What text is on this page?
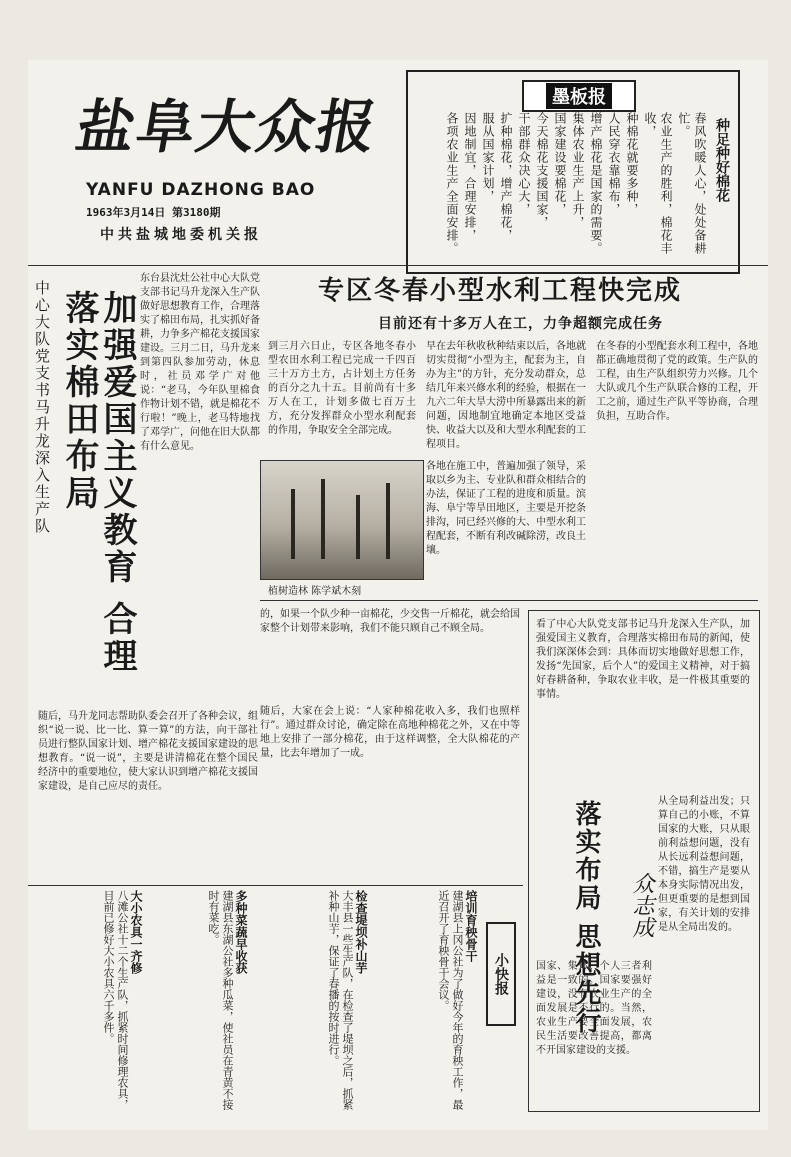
盐阜大众报
YANFU DAZHONG BAO
1963年3月14日 第3180期
中共盐城地委机关报
墨板报
种足种好棉花
春风吹暖人心，处处备耕忙。
农业生产的胜利，棉花丰收，
种棉花就要多种，
人民穿衣靠棉布，
增产棉花是国家的需要。
集体农业生产上升，
国家建设要棉花，
今天棉花支援国家，
干部群众决心大，
扩种棉花，增产棉花，
服从国家计划，
因地制宜，合理安排，
各项农业生产全面安排。
中心大队党支书马升龙深入生产队	加强爱国主义教育 合理落实棉田布局
东台县沈灶公社中心大队党支部书记马升龙深入生产队做好思想教育工作，合理落实了棉田布局，扎实抓好备耕，力争多产棉花支援国家建设。三月二日，马升龙来到第四队参加劳动，休息时，社员邓学广对他说：“老马，今年队里棉食作物计划不错，就是棉花不行啦！”晚上，老马特地找了邓学广，问他在旧大队都有什么意见。
专区冬春小型水利工程快完成
目前还有十多万人在工，力争超额完成任务
到三月六日止，专区各地冬春小型农田水利工程已完成一千四百三十万方土方，占计划土方任务的百分之九十五。目前尚有十多万人在工，计划多做七百万土方，充分发挥群众小型水利配套的作用，争取安全全部完成。
早在去年秋收秋种结束以后，各地就切实贯彻“小型为主，配套为主，自办为主”的方针，充分发动群众，总结几年来兴修水利的经验，根据在一九六二年大旱大涝中所暴露出来的新问题，因地制宜地确定本地区受益快、收益大以及和大型水利配套的工程项目。
在冬春的小型配套水利工程中，各地都正确地贯彻了党的政策。生产队的工程，由生产队组织劳力兴修。几个大队或几个生产队联合修的工程，开工之前，通过生产队平等协商，合理负担，互助合作。
植树造林 陈学斌木刻
各地在施工中，普遍加强了领导，采取以乡为主、专业队和群众相结合的办法，保证了工程的进度和质量。滨海、阜宁等旱田地区，主要是开挖条排沟，同已经兴修的大、中型水利工程配套，不断有利改碱除涝，改良土壤。
的，如果一个队少种一亩棉花，少交售一斤棉花，就会给国家整个计划带来影响，我们不能只顾自己不顾全局。
随后，大家在会上说：“人家种棉花收入多，我们也照样行”。通过群众讨论，确定除在高地种棉花之外，又在中等地上安排了一部分棉花，由于这样调整，全大队棉花的产量，比去年增加了一成。
随后，马升龙同志帮助队委会召开了各种会议，组织“说一说、比一比、算一算”的方法，向干部社员进行整队国家计划、增产棉花支援国家建设的思想教育。“说一说”，主要是讲清棉花在整个国民经济中的重要地位，使大家认识到增产棉花支援国家建设，是自己应尽的责任。
看了中心大队党支部书记马升龙深入生产队，加强爱国主义教育，合理落实棉田布局的新闻，使我们深深体会到：具体而切实地做好思想工作，发扬“先国家，后个人”的爱国主义精神，对于搞好春耕备种，争取农业丰收，是一件极其重要的事情。
落实布局 思想先行 众志成
从全局利益出发；只算自己的小账，不算国家的大账，只从眼前利益想问题，没有从长远利益想问题，不错，搞生产是要从本身实际情况出发，但更重要的是想到国家，有关计划的安排是从全局出发的。
国家、集体、个人三者利益是一致的。国家要强好建设，没有农业生产的全面发展是不行的。当然，农业生产要全面发展，农民生活要改善提高，都离不开国家建设的支援。
大小农具一齐修
八滩公社十二个生产队，抓紧时间修理农具，目前已修好大小农具六千多件。	多种菜蔬早收获
建湖县东湖公社多种瓜菜，使社员在青黄不接时有菜吃。	检查堤坝补山芋
大丰县一些生产队，在检查了堤坝之后，抓紧补种山芋，保证了春播的按时进行。	培训育秧骨干
建湖县上冈公社为了做好今年的育秧工作，最近召开了育秧骨干会议。	小快报
